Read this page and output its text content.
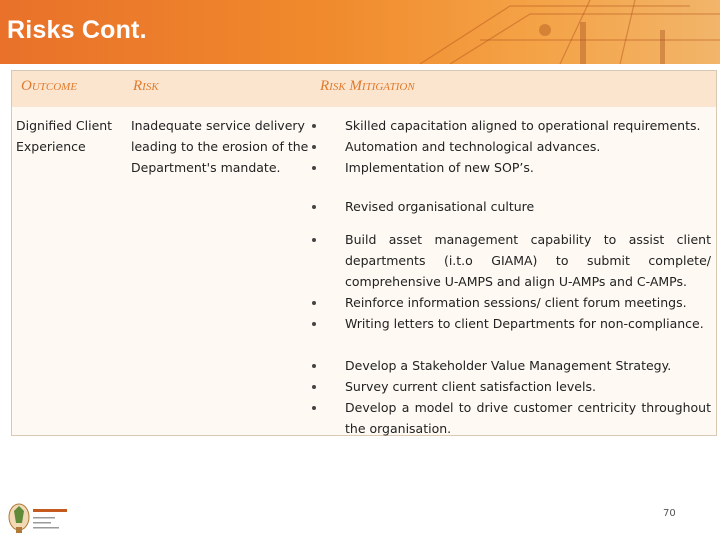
Risks Cont.
Outcome	Risk	Risk Mitigation
Dignified Client Experience
Inadequate service delivery leading to the erosion of the Department's mandate.
Skilled capacitation aligned to operational requirements.
Automation and technological advances.
Implementation of new SOP’s.
Revised organisational culture
Build asset management capability to assist client departments (i.t.o GIAMA) to submit complete/ comprehensive U-AMPS and align U-AMPs and C-AMPs.
Reinforce information sessions/ client forum meetings.
Writing letters to client Departments for non-compliance.
Develop a Stakeholder Value Management Strategy.
Survey current client satisfaction levels.
Develop a model to drive customer centricity throughout the organisation.
70
